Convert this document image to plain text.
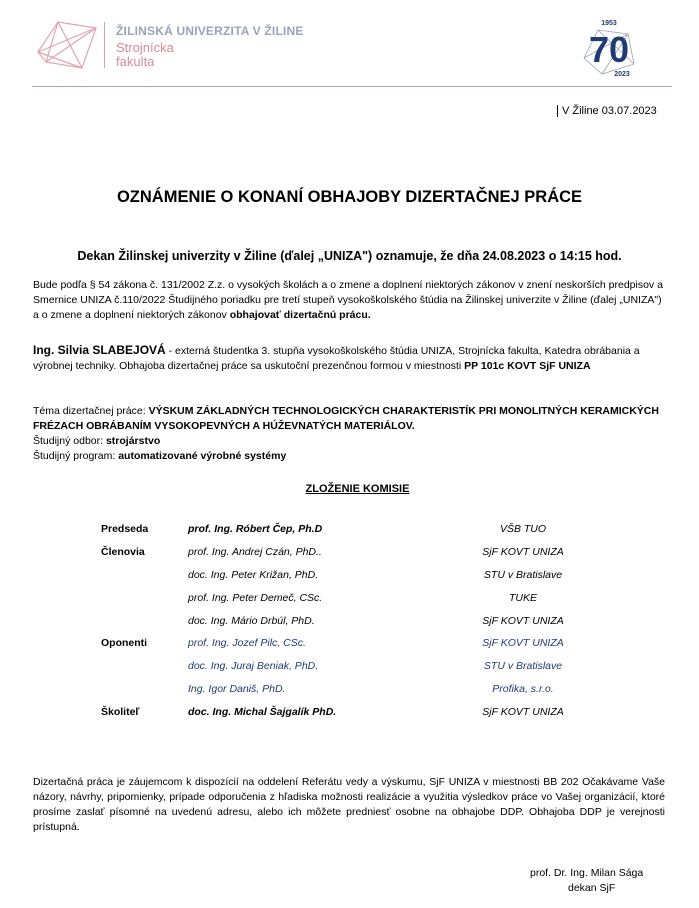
ŽILINSKÁ UNIVERZITA V ŽILINE
Strojnícka
fakulta
1953
70
2023
V Žiline 03.07.2023
OZNÁMENIE O KONANÍ OBHAJOBY DIZERTAČNEJ PRÁCE
Dekan Žilinskej univerzity v Žiline (ďalej „UNIZA") oznamuje, že dňa 24.08.2023 o 14:15 hod.
Bude podľa § 54 zákona č. 131/2002 Z.z. o vysokých školách a o zmene a doplnení niektorých zákonov v znení neskorších predpisov a Smernice UNIZA č.110/2022 Študijného poriadku pre tretí stupeň vysokoškolského štúdia na Žilinskej univerzite v Žiline (ďalej „UNIZA") a o zmene a doplnení niektorých zákonov obhajovať dizertačnú prácu.
Ing. Silvia SLABEJOVÁ - externá študentka 3. stupňa vysokoškolského štúdia UNIZA, Strojnícka fakulta, Katedra obrábania a výrobnej techniky. Obhajoba dizertačnej práce sa uskutoční prezenčnou formou v miestnosti PP 101c KOVT SjF UNIZA
Téma dizertačnej práce: VÝSKUM ZÁKLADNÝCH TECHNOLOGICKÝCH CHARAKTERISTÍK PRI MONOLITNÝCH KERAMICKÝCH FRÉZACH OBRÁBANÍM VYSOKOPEVNÝCH A HÚŽEVNATÝCH MATERIÁLOV.
Študijný odbor: strojárstvo
Študijný program: automatizované výrobné systémy
ZLOŽENIE KOMISIE
Predseda	prof. Ing. Róbert Čep, Ph.D	VŠB TUO
Členovia	prof. Ing. Andrej Czán, PhD..	SjF KOVT UNIZA
doc. Ing. Peter Križan, PhD.	STU v Bratislave
prof. Ing. Peter Demeč, CSc.	TUKE
doc. Ing. Mário Drbúl, PhD.	SjF KOVT UNIZA
Oponenti	prof. Ing. Jozef Pilc, CSc.	SjF KOVT UNIZA
doc. Ing. Juraj Beniak, PhD.	STU v Bratislave
Ing. Igor Daniš, PhD.	Profika, s.r.o.
Školiteľ	doc. Ing. Michal Šajgalík PhD.	SjF KOVT UNIZA
Dizertačná práca je záujemcom k dispozícií na oddelení Referátu vedy a výskumu, SjF UNIZA v miestnosti BB 202 Očakávame Vaše názory, návrhy, pripomienky, prípade odporučenia z hľadiska možnosti realizácie a využitia výsledkov práce vo Vašej organizácií, ktoré prosíme zaslať písomné na uvedenú adresu, alebo ich môžete predniesť osobne na obhajobe DDP. Obhajoba DDP je verejnosti prístupná.
prof. Dr. Ing. Milan Sága
dekan SjF
